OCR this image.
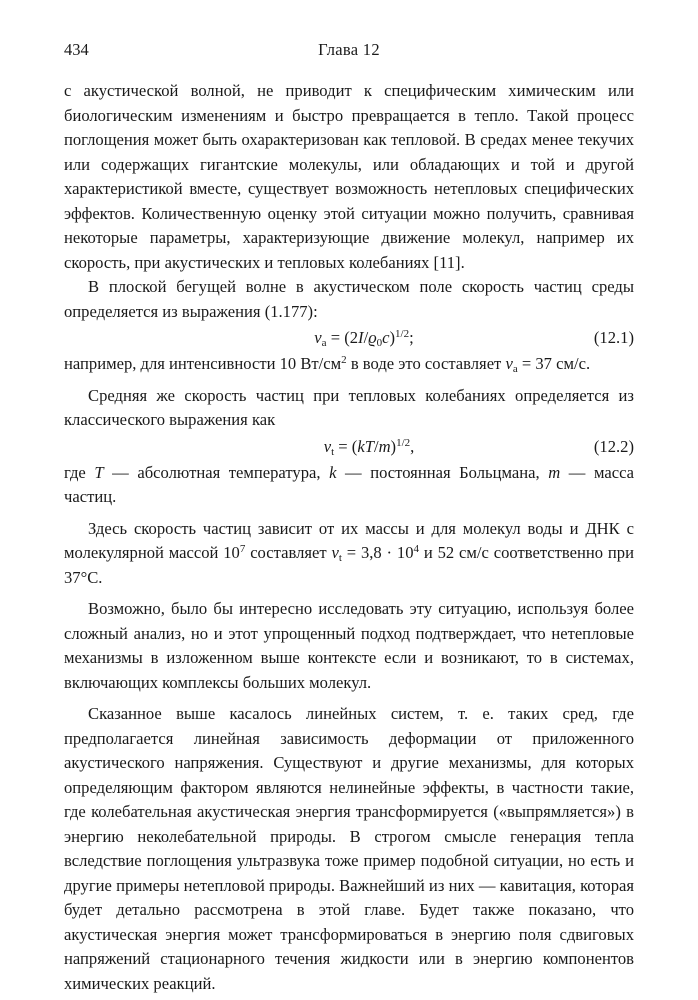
434	Глава 12

с акустической волной, не приводит к специфическим химическим или биологическим изменениям и быстро превращается в тепло. Такой процесс поглощения может быть охарактеризован как тепловой. В средах менее текучих или содержащих гигантские молекулы, или обладающих и той и другой характеристикой вместе, существует возможность нетепловых специфических эффектов. Количественную оценку этой ситуации можно получить, сравнивая некоторые параметры, характеризующие движение молекул, например их скорость, при акустических и тепловых колебаниях [11].

В плоской бегущей волне в акустическом поле скорость частиц среды определяется из выражения (1.177):

$v_a = (2I/ϱ_0c)^{1/2}$;	(12.1)

например, для интенсивности 10 $Вт/см^2$ в воде это составляет $v_a = 37$ см/с.

Средняя же скорость частиц при тепловых колебаниях определяется из классического выражения как

$v_t = (kT/m)^{1/2}$,	(12.2)

где T — абсолютная температура, k — постоянная Больцмана, m — масса частиц.

Здесь скорость частиц зависит от их массы и для молекул воды и ДНК с молекулярной массой $10^7$ составляет $v_t = 3,8 \cdot 10^4$ и 52 см/с соответственно при 37°С.

Возможно, было бы интересно исследовать эту ситуацию, используя более сложный анализ, но и этот упрощенный подход подтверждает, что нетепловые механизмы в изложенном выше контексте если и возникают, то в системах, включающих комплексы больших молекул.

Сказанное выше касалось линейных систем, т. е. таких сред, где предполагается линейная зависимость деформации от приложенного акустического напряжения. Существуют и другие механизмы, для которых определяющим фактором являются нелинейные эффекты, в частности такие, где колебательная акустическая энергия трансформируется («выпрямляется») в энергию неколебательной природы. В строгом смысле генерация тепла вследствие поглощения ультразвука тоже пример подобной ситуации, но есть и другие примеры нетепловой природы. Важнейший из них — кавитация, которая будет детально рассмотрена в этой главе. Будет также показано, что акустическая энергия может трансформироваться в энергию поля сдвиговых напряжений стационарного течения жидкости или в энергию компонентов химических реакций.
